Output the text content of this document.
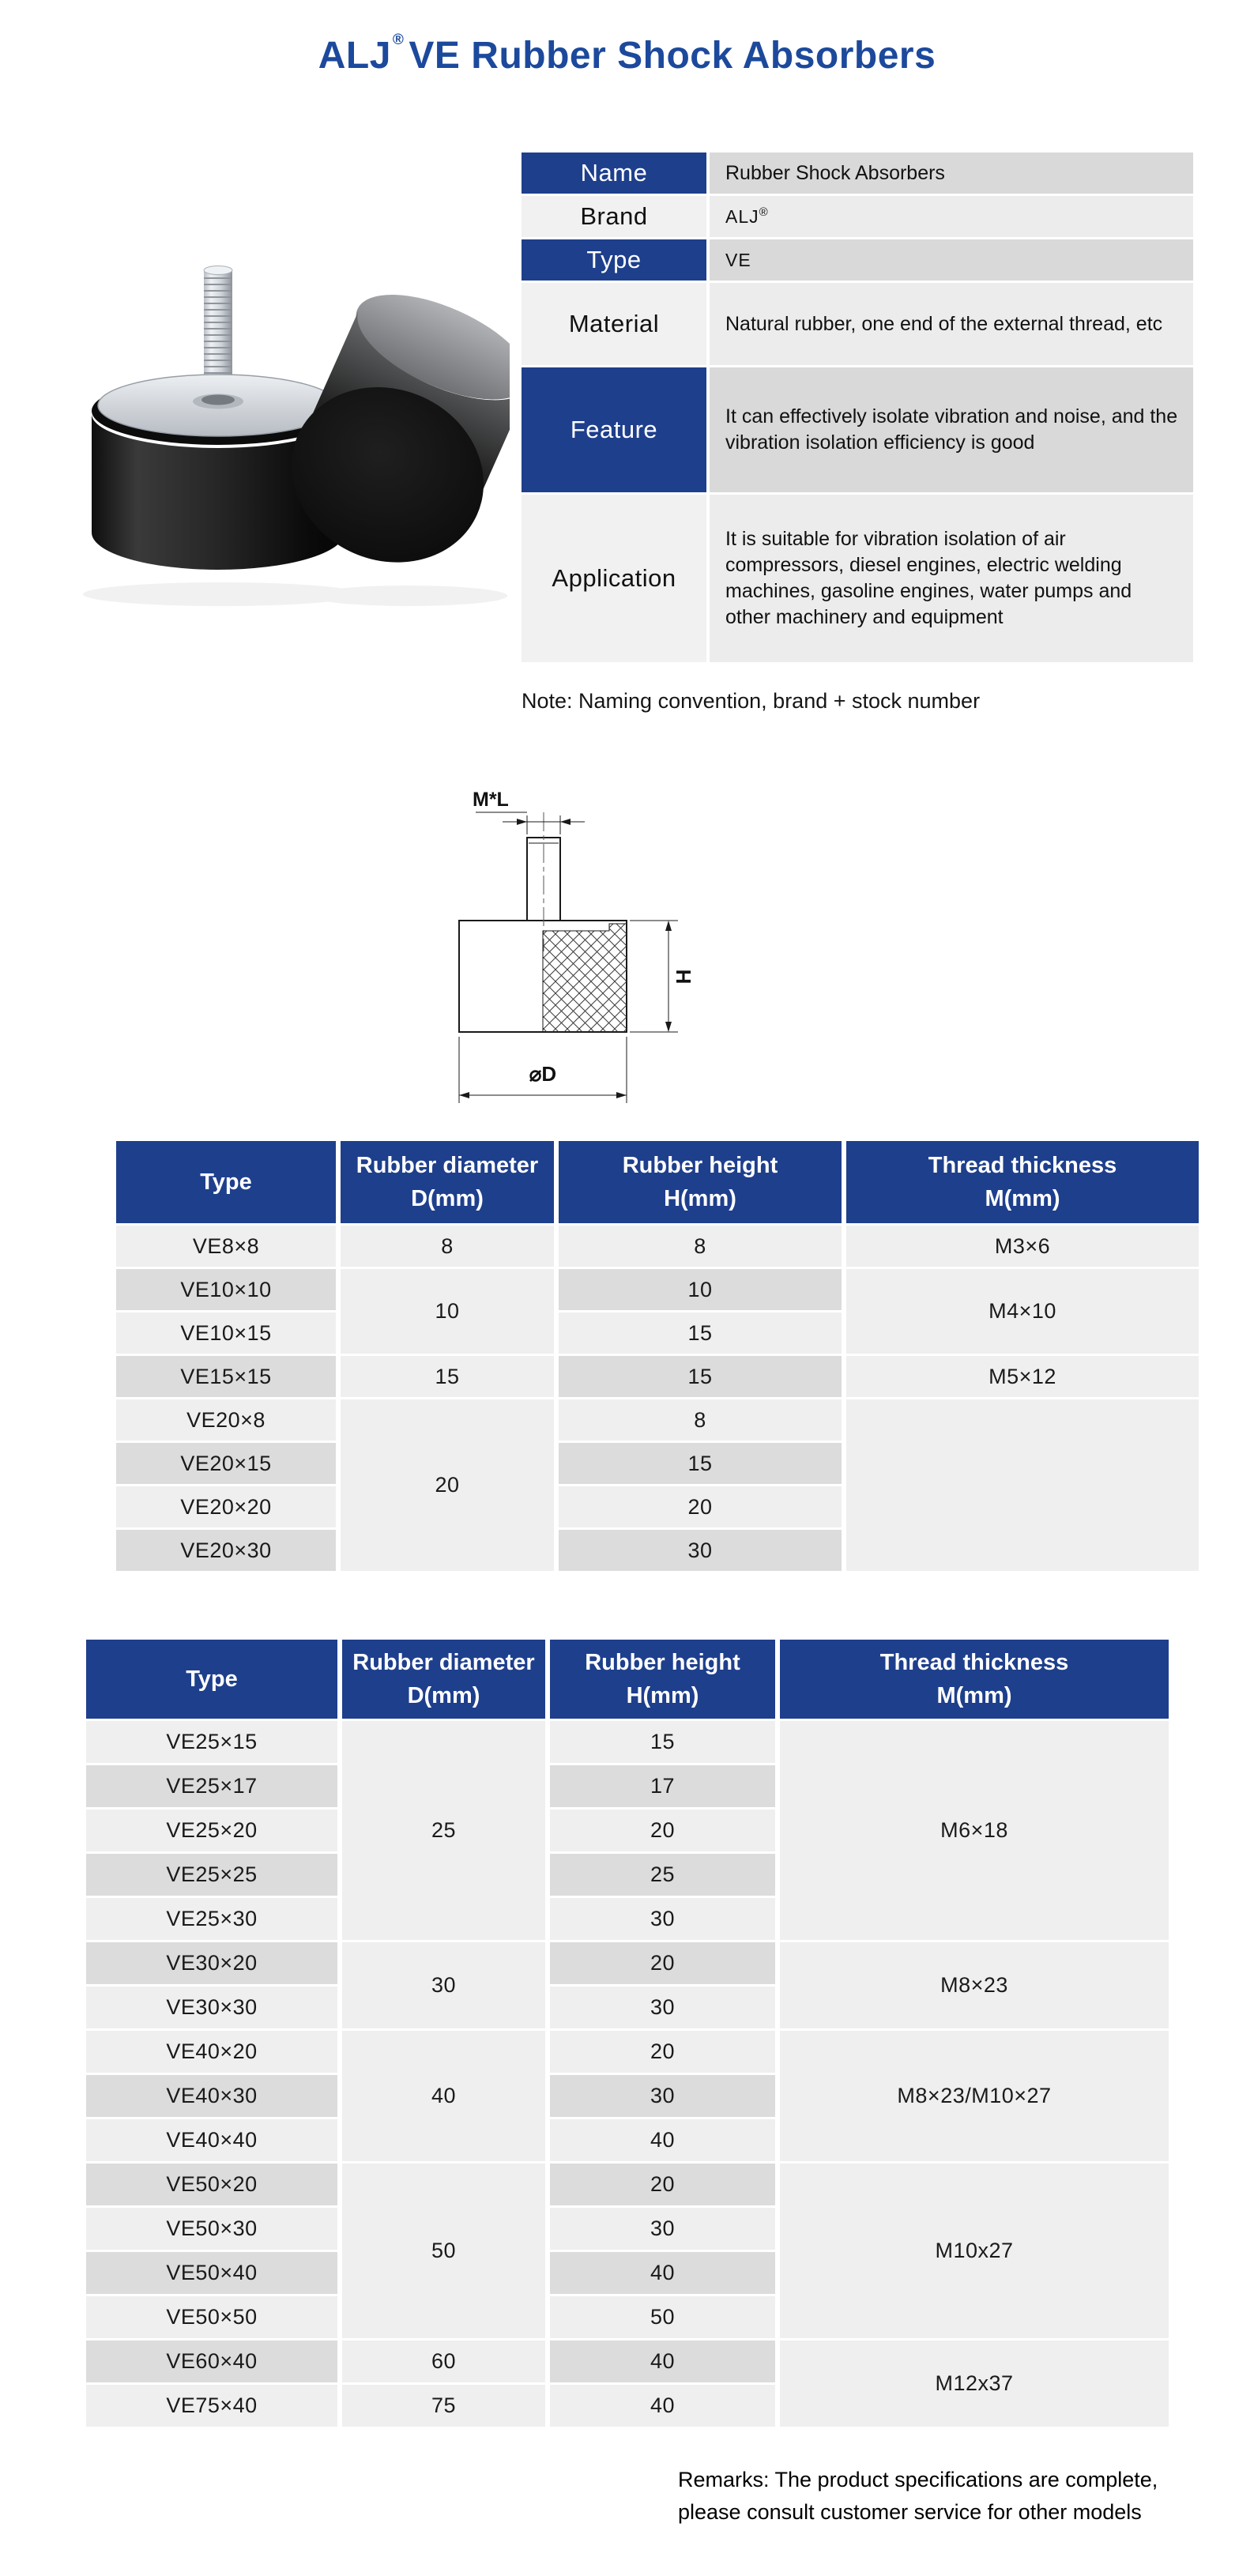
ALJ ® VE Rubber Shock Absorbers
Name	Rubber Shock Absorbers
Brand	ALJ®
Type	VE
Material	Natural rubber, one end of the external thread, etc
Feature	It can effectively isolate vibration and noise, and the vibration isolation efficiency is good
Application	It is suitable for vibration isolation of air compressors, diesel engines, electric welding machines, gasoline engines, water pumps and other machinery and equipment

Note: Naming convention, brand + stock number

M*L
H
⌀D
Type

Rubber diameter
D(mm)

Rubber height
H(mm)

Thread thickness
M(mm)

VE8×8	8	8	M3×6
VE10×10	10	10	M4×10
VE10×15		15	
VE15×15	15	15	M5×12
VE20×8	20	8	
VE20×15		15	
VE20×20		20	
VE20×30		30	
Type

Rubber diameter
D(mm)

Rubber height
H(mm)

Thread thickness
M(mm)

VE25×15	25	15	M6×18
VE25×17		17	
VE25×20		20	
VE25×25		25	
VE25×30		30	
VE30×20	30	20	M8×23
VE30×30		30	
VE40×20	40	20	M8×23/M10×27
VE40×30		30	
VE40×40		40	
VE50×20	50	20	M10x27
VE50×30		30	
VE50×40		40	
VE50×50		50	
VE60×40	60	40	M12x37
VE75×40	75	40	
Remarks: The product specifications are complete,
please consult customer service for other models
